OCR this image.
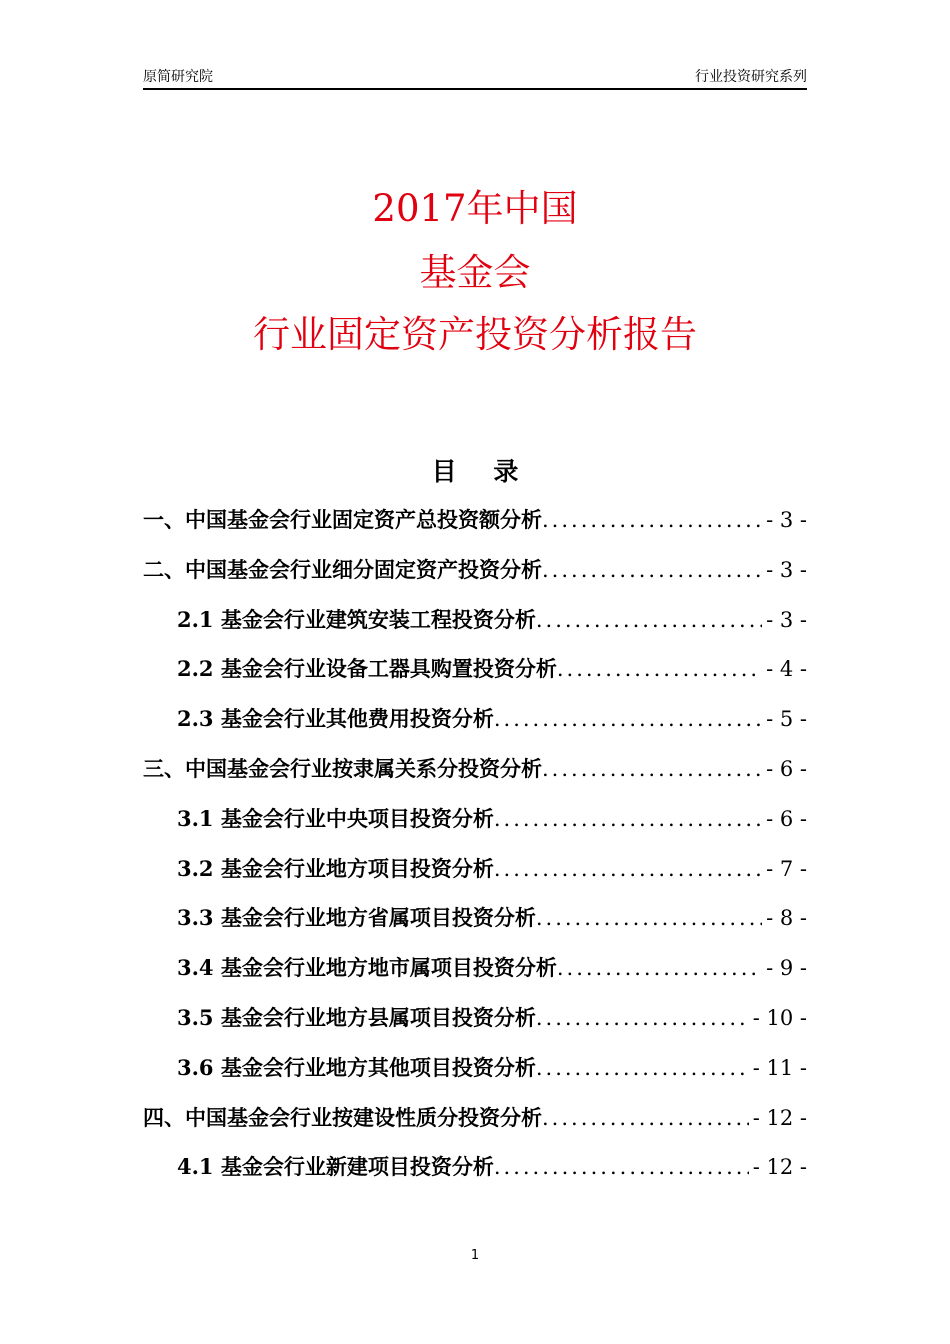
原简研究院	行业投资研究系列
2017年中国
基金会
行业固定资产投资分析报告
目 录
一、中国基金会行业固定资产总投资额分析 .....	- 3 -
二、中国基金会行业细分固定资产投资分析 .....	- 3 -
2.1 基金会行业建筑安装工程投资分析 .....	- 3 -
2.2 基金会行业设备工器具购置投资分析 .....	- 4 -
2.3 基金会行业其他费用投资分析 .....	- 5 -
三、中国基金会行业按隶属关系分投资分析 .....	- 6 -
3.1 基金会行业中央项目投资分析 .....	- 6 -
3.2 基金会行业地方项目投资分析 .....	- 7 -
3.3 基金会行业地方省属项目投资分析 .....	- 8 -
3.4 基金会行业地方地市属项目投资分析 .....	- 9 -
3.5 基金会行业地方县属项目投资分析 .....	- 10 -
3.6 基金会行业地方其他项目投资分析 .....	- 11 -
四、中国基金会行业按建设性质分投资分析 .....	- 12 -
4.1 基金会行业新建项目投资分析 .....	- 12 -
1
